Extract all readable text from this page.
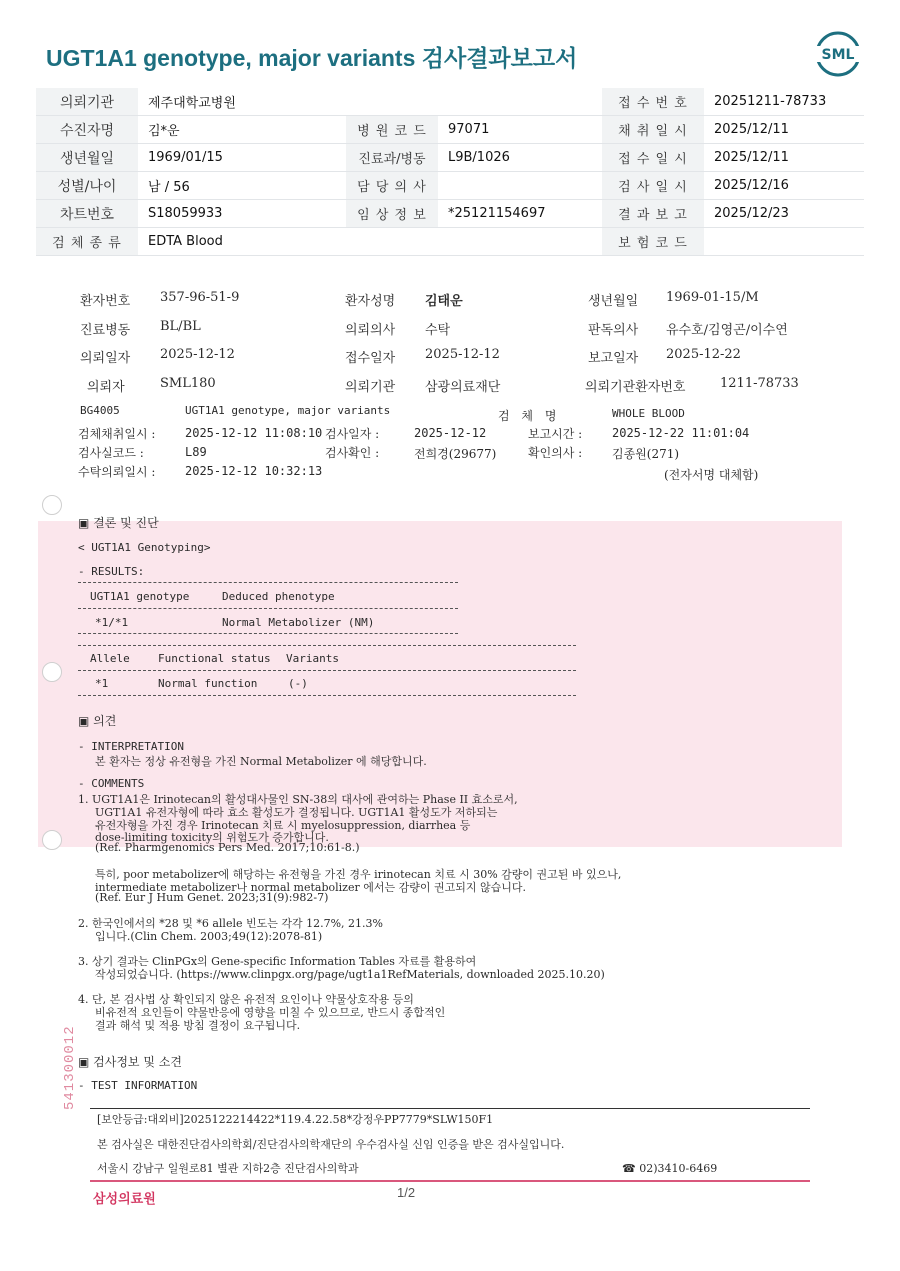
UGT1A1 genotype, major variants 검사결과보고서	SML
의뢰기관	제주대학교병원			접 수 번 호	20251211-78733
수진자명	김*운	병 원 코 드	97071	채 취 일 시	2025/12/11
생년월일	1969/01/15	진료과/병동	L9B/1026	접 수 일 시	2025/12/11
성별/나이	남 / 56	담 당 의 사		검 사 일 시	2025/12/16
차트번호	S18059933	임 상 정 보	*25121154697	결 과 보 고	2025/12/23
검 체 종 류	EDTA Blood			보 험 코 드	
환자번호 357-96-51-9	환자성명 김태운	생년월일 1969-01-15/M
진료병동 BL/BL	의뢰의사 수탁	판독의사 유수호/김영곤/이수연
의뢰일자 2025-12-12	접수일자 2025-12-12	보고일자 2025-12-22
의뢰자	SML180	의뢰기관 삼광의료재단	의뢰기관환자번호	1211-78733
BG4005	UGT1A1 genotype, major variants	검 체 명	WHOLE BLOOD
검체채취일시 : 2025-12-12 11:08:10 검사일자 :	2025-12-12	보고시간 : 2025-12-22 11:01:04
검사실코드 :	L89	검사확인 :	전희경(29677)	확인의사 : 김종원(271)
수탁의뢰일시 : 2025-12-12 10:32:13	(전자서명 대체함)
▣ 결론 및 진단
< UGT1A1 Genotyping>
- RESULTS:
UGT1A1 genotype	Deduced phenotype
*1/*1	Normal Metabolizer (NM)
Allele	Functional status Variants
*1	Normal function	(-)
▣ 의견
- INTERPRETATION
본 환자는 정상 유전형을 가진 Normal Metabolizer 에 해당합니다.
- COMMENTS
1. UGT1A1은 Irinotecan의 활성대사물인 SN-38의 대사에 관여하는 Phase II 효소로서,
UGT1A1 유전자형에 따라 효소 활성도가 결정됩니다. UGT1A1 활성도가 저하되는
유전자형을 가진 경우 Irinotecan 치료 시 myelosuppression, diarrhea 등
dose-limiting toxicity의 위험도가 증가합니다.
(Ref. Pharmgenomics Pers Med. 2017;10:61-8.)
특히, poor metabolizer에 해당하는 유전형을 가진 경우 irinotecan 치료 시 30% 감량이 권고된 바 있으나,
intermediate metabolizer나 normal metabolizer 에서는 감량이 권고되지 않습니다.
(Ref. Eur J Hum Genet. 2023;31(9):982-7)
2. 한국인에서의 *28 및 *6 allele 빈도는 각각 12.7%, 21.3%
입니다.(Clin Chem. 2003;49(12):2078-81)
3. 상기 결과는 ClinPGx의 Gene-specific Information Tables 자료를 활용하여
작성되었습니다. (https://www.clinpgx.org/page/ugt1a1RefMaterials, downloaded 2025.10.20)
4. 단, 본 검사법 상 확인되지 않은 유전적 요인이나 약물상호작용 등의
비유전적 요인들이 약물반응에 영향을 미칠 수 있으므로, 반드시 종합적인
결과 해석 및 적용 방침 결정이 요구됩니다.
▣ 검사정보 및 소견
- TEST INFORMATION
[보안등급:대외비]2025122214422*119.4.22.58*강정우PP7779*SLW150F1
본 검사실은 대한진단검사의학회/진단검사의학재단의 우수검사실 신임 인증을 받은 검사실입니다.
서울시 강남구 일원로81 별관 지하2층 진단검사의학과	☎ 02)3410-6469
541300012
삼성의료원	1/2
